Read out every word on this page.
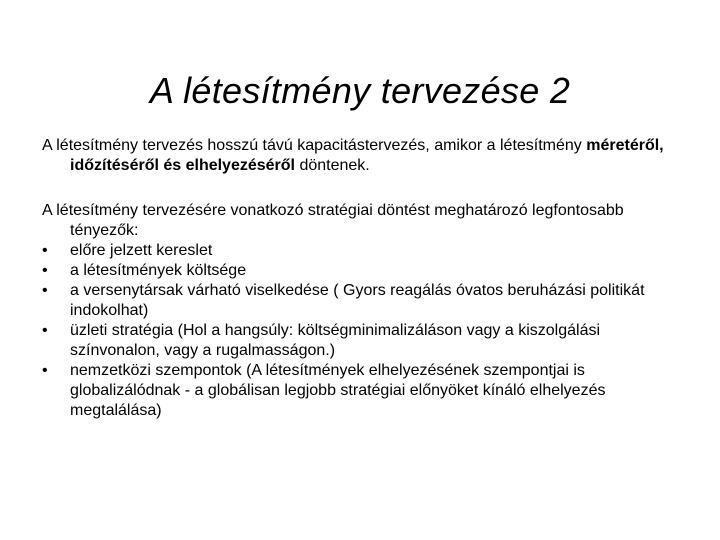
A létesítmény tervezése 2

A létesítmény tervezés hosszú távú kapacitástervezés, amikor a létesítmény méretéről, időzítéséről és elhelyezéséről döntenek.

A létesítmény tervezésére vonatkozó stratégiai döntést meghatározó legfontosabb tényezők:

•	előre jelzett kereslet
•	a létesítmények költsége
•	a versenytársak várható viselkedése ( Gyors reagálás óvatos beruházási politikát indokolhat)
•	üzleti stratégia (Hol a hangsúly: költségminimalizáláson vagy a kiszolgálási színvonalon, vagy a rugalmasságon.)
•	nemzetközi szempontok (A létesítmények elhelyezésének szempontjai is globalizálódnak - a globálisan legjobb stratégiai előnyöket kínáló elhelyezés megtalálása)
